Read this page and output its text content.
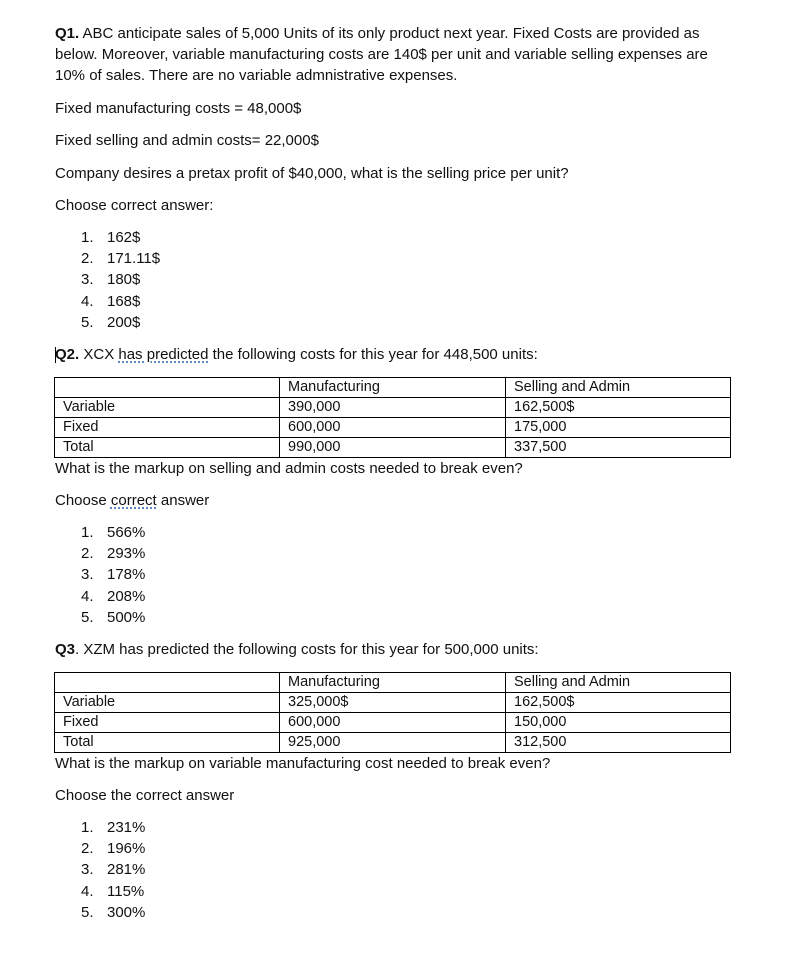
Q1. ABC anticipate sales of 5,000 Units of its only product next year. Fixed Costs are provided as below. Moreover, variable manufacturing costs are 140$ per unit and variable selling expenses are 10% of sales. There are no variable admnistrative expenses.

Fixed manufacturing costs = 48,000$

Fixed selling and admin costs= 22,000$

Company desires a pretax profit of $40,000, what is the selling price per unit?

Choose correct answer:

1. 162$
2. 171.11$
3. 180$
4. 168$
5. 200$

Q2. XCX has predicted the following costs for this year for 448,500 units:

	Manufacturing	Selling and Admin
Variable	390,000	162,500$
Fixed	600,000	175,000
Total	990,000	337,500

What is the markup on selling and admin costs needed to break even?

Choose correct answer

1. 566%
2. 293%
3. 178%
4. 208%
5. 500%

Q3. XZM has predicted the following costs for this year for 500,000 units:

	Manufacturing	Selling and Admin
Variable	325,000$	162,500$
Fixed	600,000	150,000
Total	925,000	312,500

What is the markup on variable manufacturing cost needed to break even?

Choose the correct answer

1. 231%
2. 196%
3. 281%
4. 115%
5. 300%
